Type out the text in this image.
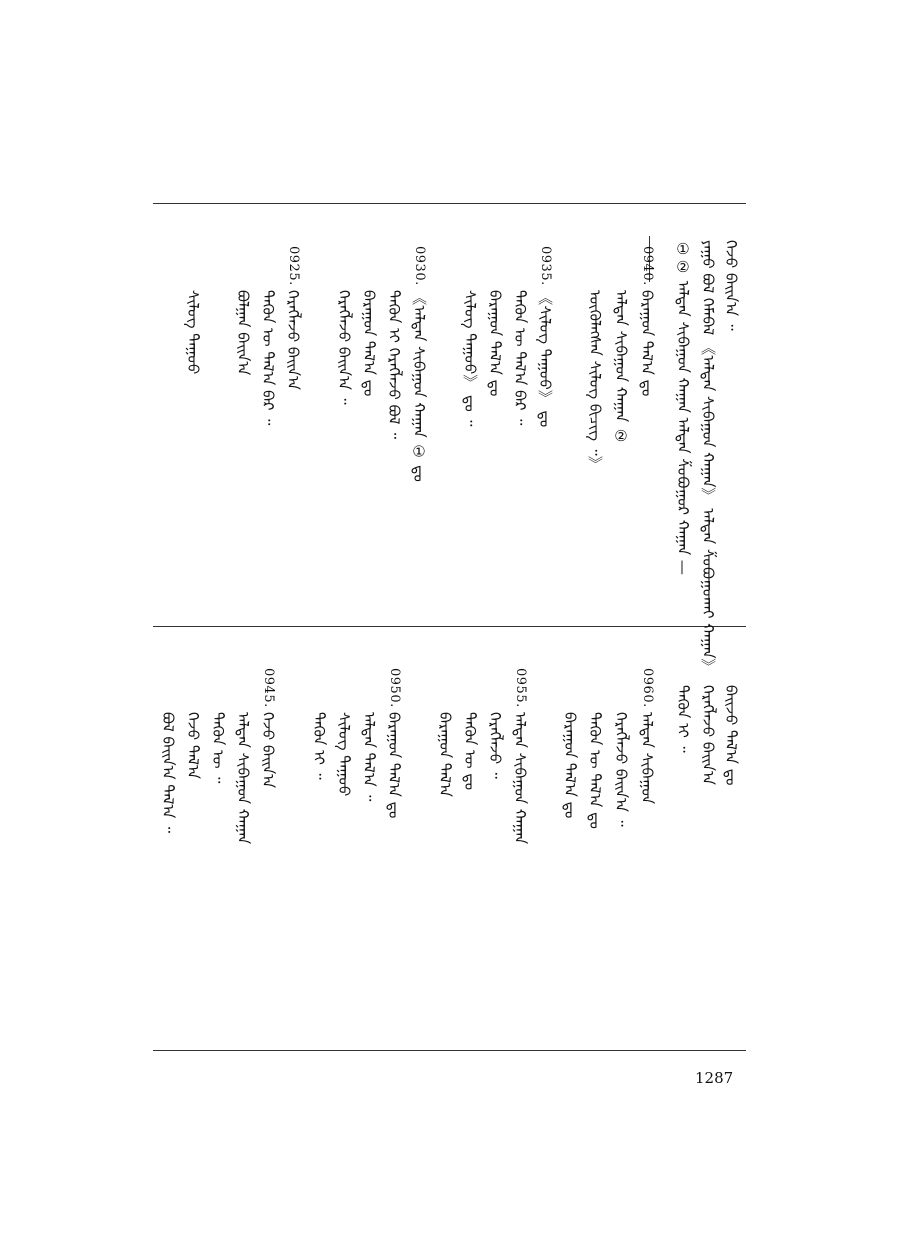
ᠭᠡᠵᠦ ᠪᠠᠢ᠌ᠨ᠎ᠠ ᠃
ᠶᠠᠭᠤ ᠪᠣᠯ ᠬᠡᠮᠡᠪᠡᠯ 《ᠠᠯᠲᠠᠨ ᠰᠢᠪᠠᠭᠤᠨ ᠬᠠᠭᠠᠨ》 ᠠᠯᠲᠠᠨ ᠱᠣᠪᠤᠭᠤᠬᠠᠢ ᠬᠠᠭᠠᠨ》
①② ᠠᠯᠲᠠᠨ ᠰᠢᠪᠠᠭᠤᠨ ᠬᠠᠭᠠᠨ ᠠᠯᠲᠠᠨ ᠱᠣᠪᠤᠭᠤᠷ ᠬᠠᠭᠠᠨ —
0940.
ᠪᠠᠷᠠᠭᠤᠨ ᠲᠠᠯ᠎ᠠ ᠳᠤ
ᠠᠯᠲᠠᠨ ᠰᠢᠪᠠᠭᠤᠨ ᠬᠠᠭᠠᠨ ②
ᠥᠭᠦᠯᠡᠭᠰᠡᠨ ᠰᠢᠯᠦᠭ ᠪᠢᠴᠢᠭ᠌ ᠃》
0935.
《ᠰᠢᠯᠦᠭ ᠳᠠᠭᠤᠤ》 ᠳᠤ
ᠲᠡᠭᠦᠨ ᠦ ᠲᠠᠯ᠎ᠠ ᠪᠡᠷ ᠃
ᠪᠠᠷᠠᠭᠤᠨ ᠲᠠᠯ᠎ᠠ ᠳᠤ
ᠰᠢᠯᠦᠭ ᠳᠠᠭᠤᠤ》 ᠳᠤ ᠃
0930.
《ᠠᠯᠲᠠᠨ ᠰᠢᠪᠠᠭᠤᠨ ᠬᠠᠭᠠᠨ ① ᠳᠤ
ᠲᠡᠭᠦᠨ ᠢ ᠬᠡᠷᠡᠭᠯᠡᠵᠦ ᠪᠣᠯ ᠃
ᠪᠠᠷᠠᠭᠤᠨ ᠲᠠᠯ᠎ᠠ ᠳᠤ
ᠬᠡᠷᠡᠭᠯᠡᠵᠦ ᠪᠠᠢ᠌ᠨ᠎ᠠ ᠃
0925.
ᠬᠡᠷᠡᠭᠯᠡᠵᠦ ᠪᠠᠢ᠌ᠨ᠎ᠠ
ᠲᠡᠭᠦᠨ ᠦ ᠲᠠᠯ᠎ᠠ ᠪᠡᠷ ᠃
ᠪᠣᠯᠭᠠᠨ ᠪᠠᠢ᠌ᠨ᠎ᠠ
ᠰᠢᠯᠦᠭ ᠳᠠᠭᠤᠤ
ᠪᠠᠢ᠌ᠵᠤ ᠲᠠᠯ᠎ᠠ ᠳᠤ
ᠬᠡᠷᠡᠭᠯᠡᠵᠦ ᠪᠠᠢ᠌ᠨ᠎ᠠ
ᠲᠡᠭᠦᠨ ᠢ ᠃
0960.
ᠠᠯᠲᠠᠨ ᠰᠢᠪᠠᠭᠤᠨ
ᠬᠡᠷᠡᠭᠯᠡᠵᠦ ᠪᠠᠢ᠌ᠨ᠎ᠠ ᠃
ᠲᠡᠭᠦᠨ ᠦ ᠲᠠᠯ᠎ᠠ ᠳᠤ
ᠪᠠᠷᠠᠭᠤᠨ ᠲᠠᠯ᠎ᠠ ᠳᠤ
0955.
ᠠᠯᠲᠠᠨ ᠰᠢᠪᠠᠭᠤᠨ ᠬᠠᠭᠠᠨ
ᠬᠡᠷᠡᠭᠯᠡᠵᠦ ᠃
ᠲᠡᠭᠦᠨ ᠦ ᠳᠤ
ᠪᠠᠷᠠᠭᠤᠨ ᠲᠠᠯ᠎ᠠ
0950.
ᠪᠠᠷᠠᠭᠤᠨ ᠲᠠᠯ᠎ᠠ ᠳᠤ
ᠠᠯᠲᠠᠨ ᠲᠠᠯ᠎ᠠ ᠃
ᠰᠢᠯᠦᠭ ᠳᠠᠭᠤᠤ
ᠲᠡᠭᠦᠨ ᠢ ᠃
0945.
ᠭᠡᠵᠦ ᠪᠠᠢ᠌ᠨ᠎ᠠ
ᠠᠯᠲᠠᠨ ᠰᠢᠪᠠᠭᠤᠨ ᠬᠠᠭᠠᠨ
ᠲᠡᠭᠦᠨ ᠦ ᠃
ᠭᠡᠵᠦ ᠲᠠᠯ᠎ᠠ
ᠪᠣᠯ ᠪᠠᠢ᠌ᠨ᠎ᠠ ᠲᠠᠯ᠎ᠠ ᠃
1287
